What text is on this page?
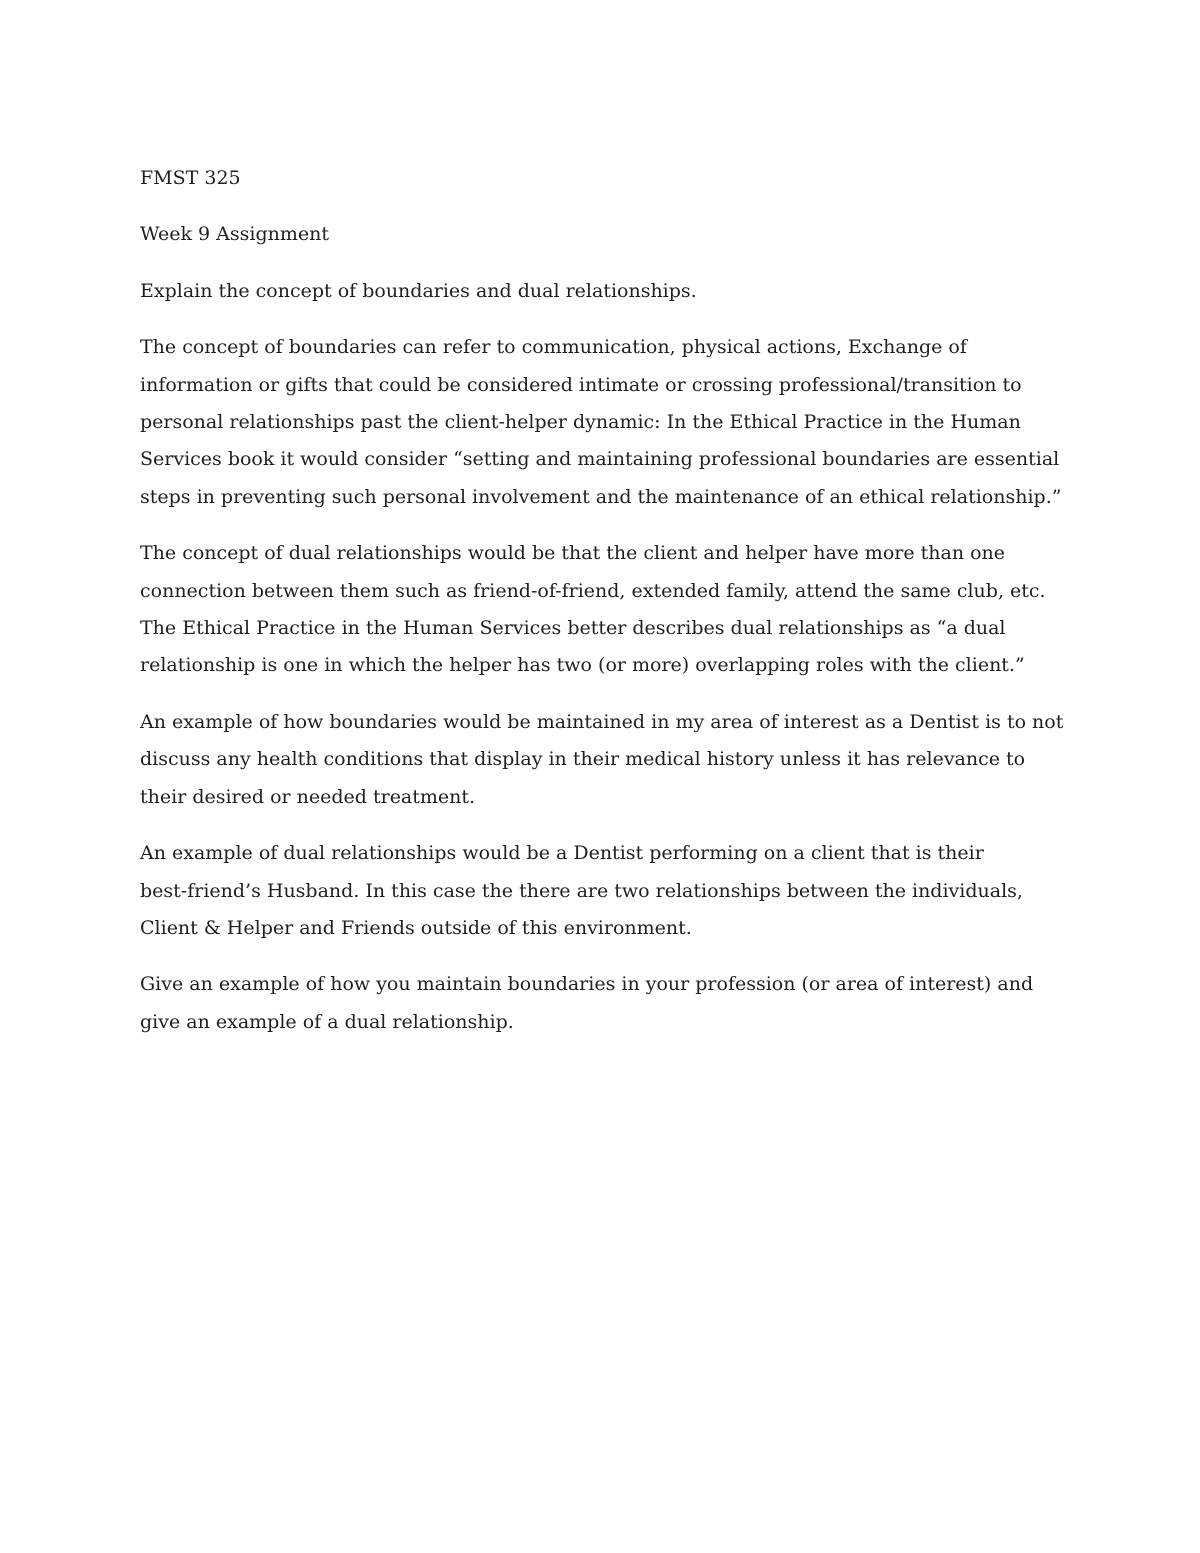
FMST 325

Week 9 Assignment

Explain the concept of boundaries and dual relationships.

The concept of boundaries can refer to communication, physical actions, Exchange of
information or gifts that could be considered intimate or crossing professional/transition to
personal relationships past the client-helper dynamic: In the Ethical Practice in the Human
Services book it would consider “setting and maintaining professional boundaries are essential
steps in preventing such personal involvement and the maintenance of an ethical relationship.”

The concept of dual relationships would be that the client and helper have more than one
connection between them such as friend-of-friend, extended family, attend the same club, etc.
The Ethical Practice in the Human Services better describes dual relationships as “a dual
relationship is one in which the helper has two (or more) overlapping roles with the client.”

An example of how boundaries would be maintained in my area of interest as a Dentist is to not
discuss any health conditions that display in their medical history unless it has relevance to
their desired or needed treatment.

An example of dual relationships would be a Dentist performing on a client that is their
best-friend’s Husband. In this case the there are two relationships between the individuals,
Client & Helper and Friends outside of this environment.

Give an example of how you maintain boundaries in your profession (or area of interest) and
give an example of a dual relationship.
